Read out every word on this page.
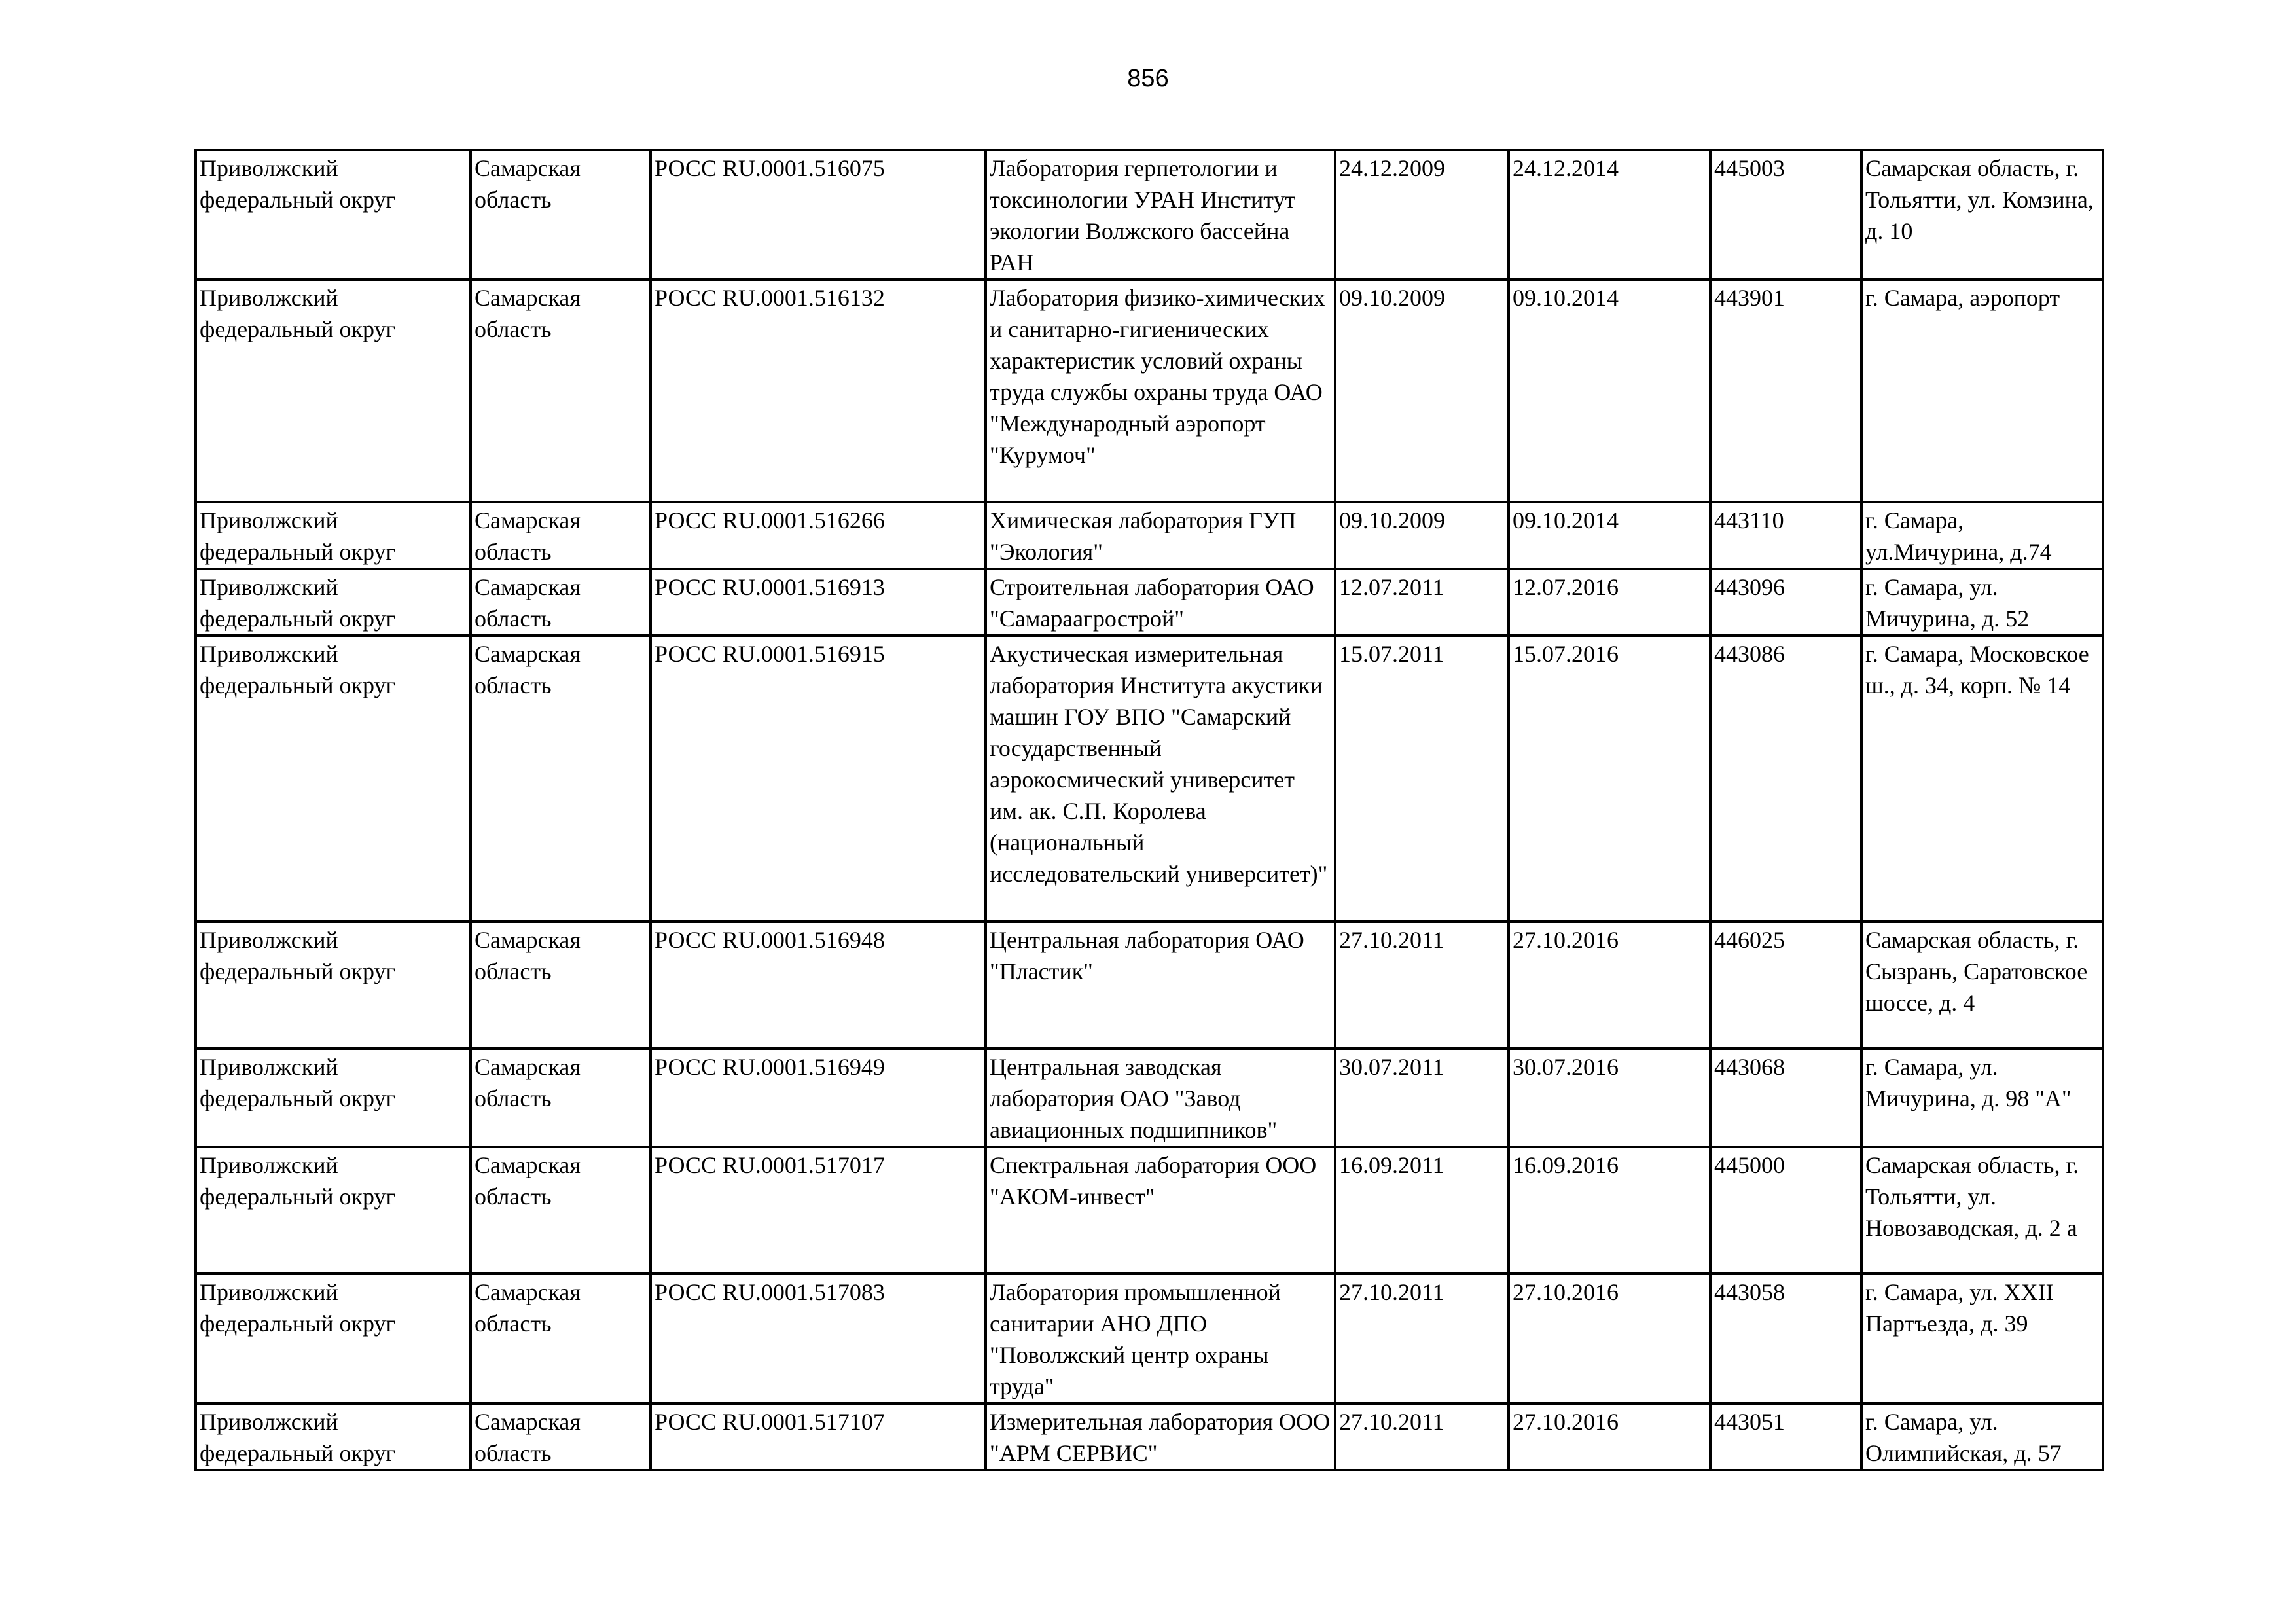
856
Приволжский федеральный округ	Самарская область	РОСС RU.0001.516075	Лаборатория герпетологии и токсинологии УРАН Институт экологии Волжского бассейна РАН	24.12.2009	24.12.2014	445003	Самарская область, г. Тольятти, ул. Комзина, д. 10
Приволжский федеральный округ	Самарская область	РОСС RU.0001.516132	Лаборатория физико-химических и санитарно-гигиенических характеристик условий охраны труда службы охраны труда ОАО "Международный аэропорт "Курумоч"	09.10.2009	09.10.2014	443901	г. Самара, аэропорт
Приволжский федеральный округ	Самарская область	РОСС RU.0001.516266	Химическая лаборатория ГУП "Экология"	09.10.2009	09.10.2014	443110	г. Самара, ул.Мичурина, д.74
Приволжский федеральный округ	Самарская область	РОСС RU.0001.516913	Строительная лаборатория ОАО "Самараагрострой"	12.07.2011	12.07.2016	443096	г. Самара, ул. Мичурина, д. 52
Приволжский федеральный округ	Самарская область	РОСС RU.0001.516915	Акустическая измерительная лаборатория Института акустики машин ГОУ ВПО "Самарский государственный аэрокосмический университет им. ак. С.П. Королева (национальный исследовательский университет)"	15.07.2011	15.07.2016	443086	г. Самара, Московское ш., д. 34, корп. № 14
Приволжский федеральный округ	Самарская область	РОСС RU.0001.516948	Центральная лаборатория ОАО "Пластик"	27.10.2011	27.10.2016	446025	Самарская область, г. Сызрань, Саратовское шоссе, д. 4
Приволжский федеральный округ	Самарская область	РОСС RU.0001.516949	Центральная заводская лаборатория ОАО "Завод авиационных подшипников"	30.07.2011	30.07.2016	443068	г. Самара, ул. Мичурина, д. 98 "А"
Приволжский федеральный округ	Самарская область	РОСС RU.0001.517017	Спектральная лаборатория ООО "АКОМ-инвест"	16.09.2011	16.09.2016	445000	Самарская область, г. Тольятти, ул. Новозаводская, д. 2 а
Приволжский федеральный округ	Самарская область	РОСС RU.0001.517083	Лаборатория промышленной санитарии АНО ДПО "Поволжский центр охраны труда"	27.10.2011	27.10.2016	443058	г. Самара, ул. XXII Партъезда, д. 39
Приволжский федеральный округ	Самарская область	РОСС RU.0001.517107	Измерительная лаборатория ООО "АРМ СЕРВИС"	27.10.2011	27.10.2016	443051	г. Самара, ул. Олимпийская, д. 57
